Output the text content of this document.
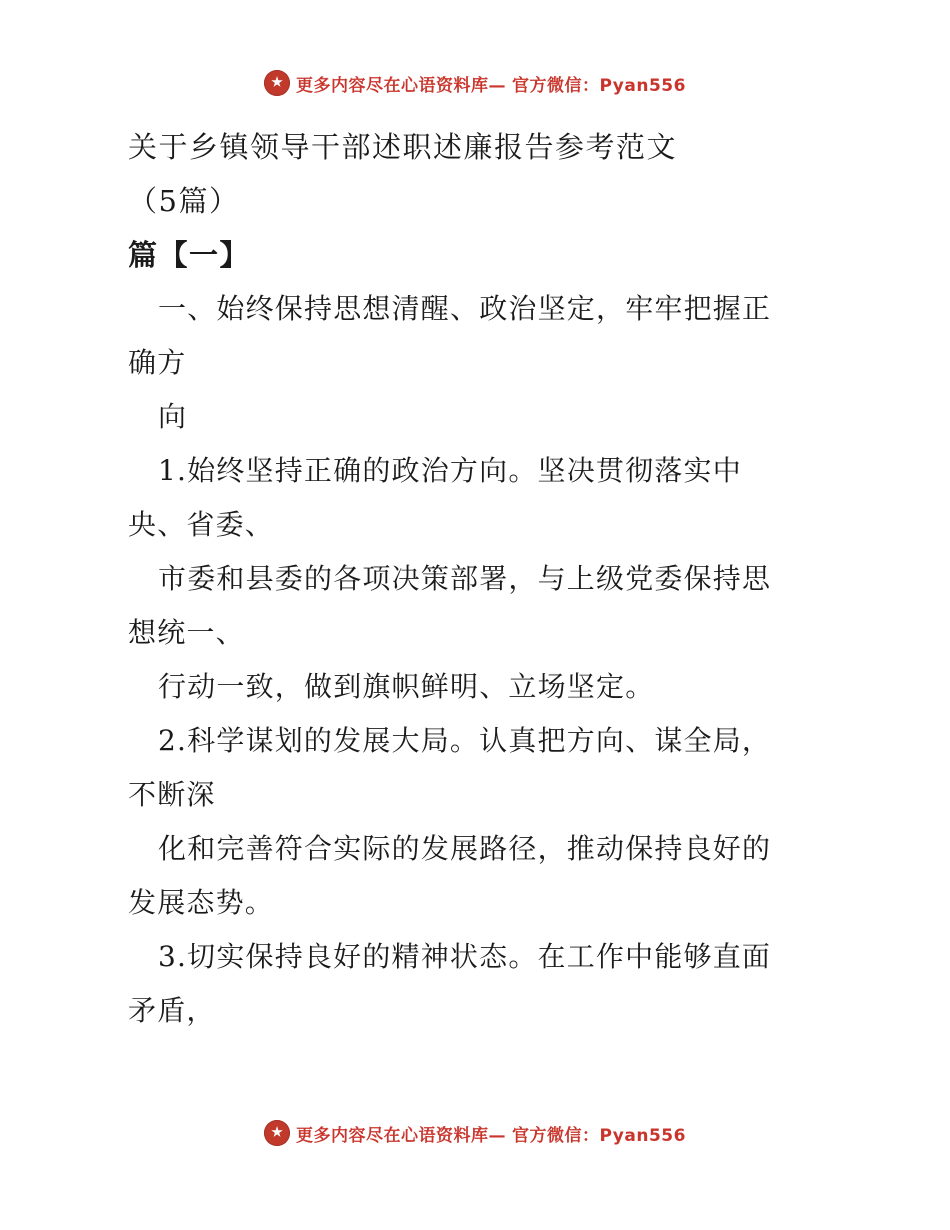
更多内容尽在心语资料库— 官方微信：Pyan556
关于乡镇领导干部述职述廉报告参考范文
（5篇）
篇【一】
一、始终保持思想清醒、政治坚定，牢牢把握正
确方
向
1.始终坚持正确的政治方向。坚决贯彻落实中
央、省委、
市委和县委的各项决策部署，与上级党委保持思
想统一、
行动一致，做到旗帜鲜明、立场坚定。
2.科学谋划的发展大局。认真把方向、谋全局，
不断深
化和完善符合实际的发展路径，推动保持良好的
发展态势。
3.切实保持良好的精神状态。在工作中能够直面
矛盾，
更多内容尽在心语资料库— 官方微信：Pyan556
